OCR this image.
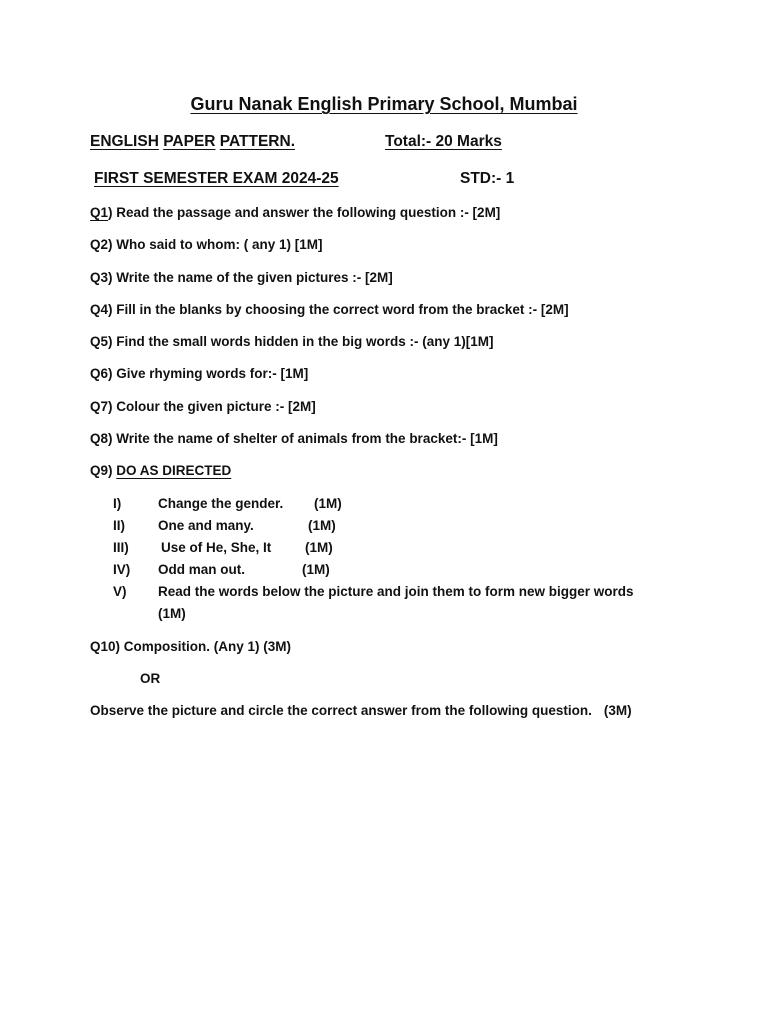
Guru Nanak English Primary School, Mumbai
ENGLISH PAPER PATTERN.	Total:- 20 Marks
FIRST SEMESTER EXAM 2024-25	STD:- 1
Q1) Read the passage and answer the following question :- [2M]
Q2) Who said to whom: ( any 1) [1M]
Q3) Write the name of the given pictures :- [2M]
Q4) Fill in the blanks by choosing the correct word from the bracket :- [2M]
Q5) Find the small words hidden in the big words :- (any 1)[1M]
Q6) Give rhyming words for:- [1M]
Q7) Colour the given picture :- [2M]
Q8) Write the name of shelter of animals from the bracket:- [1M]
Q9) DO AS DIRECTED
I)	Change the gender. (1M)
II) One and many.	(1M)
III) Use of He, She, It (1M)
IV) Odd man out.	(1M)
V) Read the words below the picture and join them to form new bigger words
(1M)
Q10) Composition. (Any 1) (3M)
OR
Observe the picture and circle the correct answer from the following question. (3M)
